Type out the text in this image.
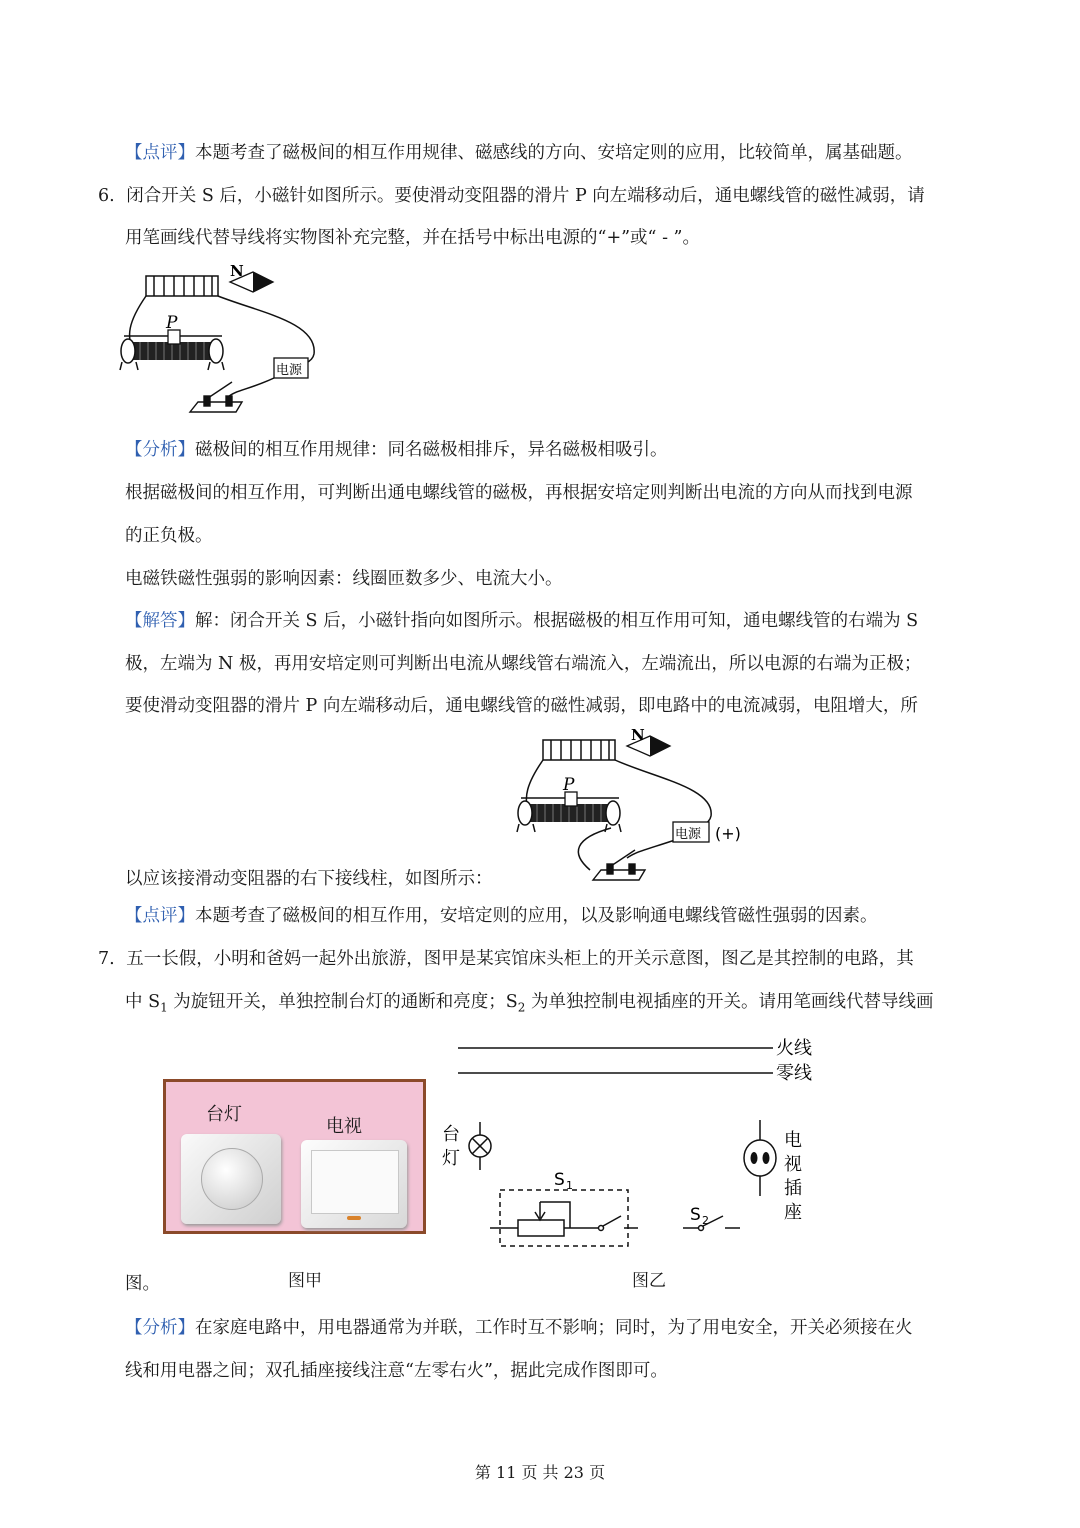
【点评】本题考查了磁极间的相互作用规律、磁感线的方向、安培定则的应用，比较简单，属基础题。
6. 闭合开关 S 后，小磁针如图所示。要使滑动变阻器的滑片 P 向左端移动后，通电螺线管的磁性减弱，请
用笔画线代替导线将实物图补充完整，并在括号中标出电源的“+”或“ - ”。
N
P
电源
【分析】磁极间的相互作用规律：同名磁极相排斥，异名磁极相吸引。
根据磁极间的相互作用，可判断出通电螺线管的磁极，再根据安培定则判断出电流的方向从而找到电源
的正负极。
电磁铁磁性强弱的影响因素：线圈匝数多少、电流大小。
【解答】解：闭合开关 S 后，小磁针指向如图所示。根据磁极的相互作用可知，通电螺线管的右端为 S
极，左端为 N 极，再用安培定则可判断出电流从螺线管右端流入，左端流出，所以电源的右端为正极；
要使滑动变阻器的滑片 P 向左端移动后，通电螺线管的磁性减弱，即电路中的电流减弱，电阻增大，所
N
P
电源 (+)
以应该接滑动变阻器的右下接线柱，如图所示：
【点评】本题考查了磁极间的相互作用，安培定则的应用，以及影响通电螺线管磁性强弱的因素。
7. 五一长假，小明和爸妈一起外出旅游，图甲是某宾馆床头柜上的开关示意图，图乙是其控制的电路，其
中 $S_1$ 为旋钮开关，单独控制台灯的通断和亮度；$S_2$ 为单独控制电视插座的开关。请用笔画线代替导线画
台灯
电视
火线
零线
台
灯
S 1
S 2
电
视
插
座
图。	图甲	图乙
【分析】在家庭电路中，用电器通常为并联，工作时互不影响；同时，为了用电安全，开关必须接在火
线和用电器之间；双孔插座接线注意“左零右火”，据此完成作图即可。
第 11 页 共 23 页
